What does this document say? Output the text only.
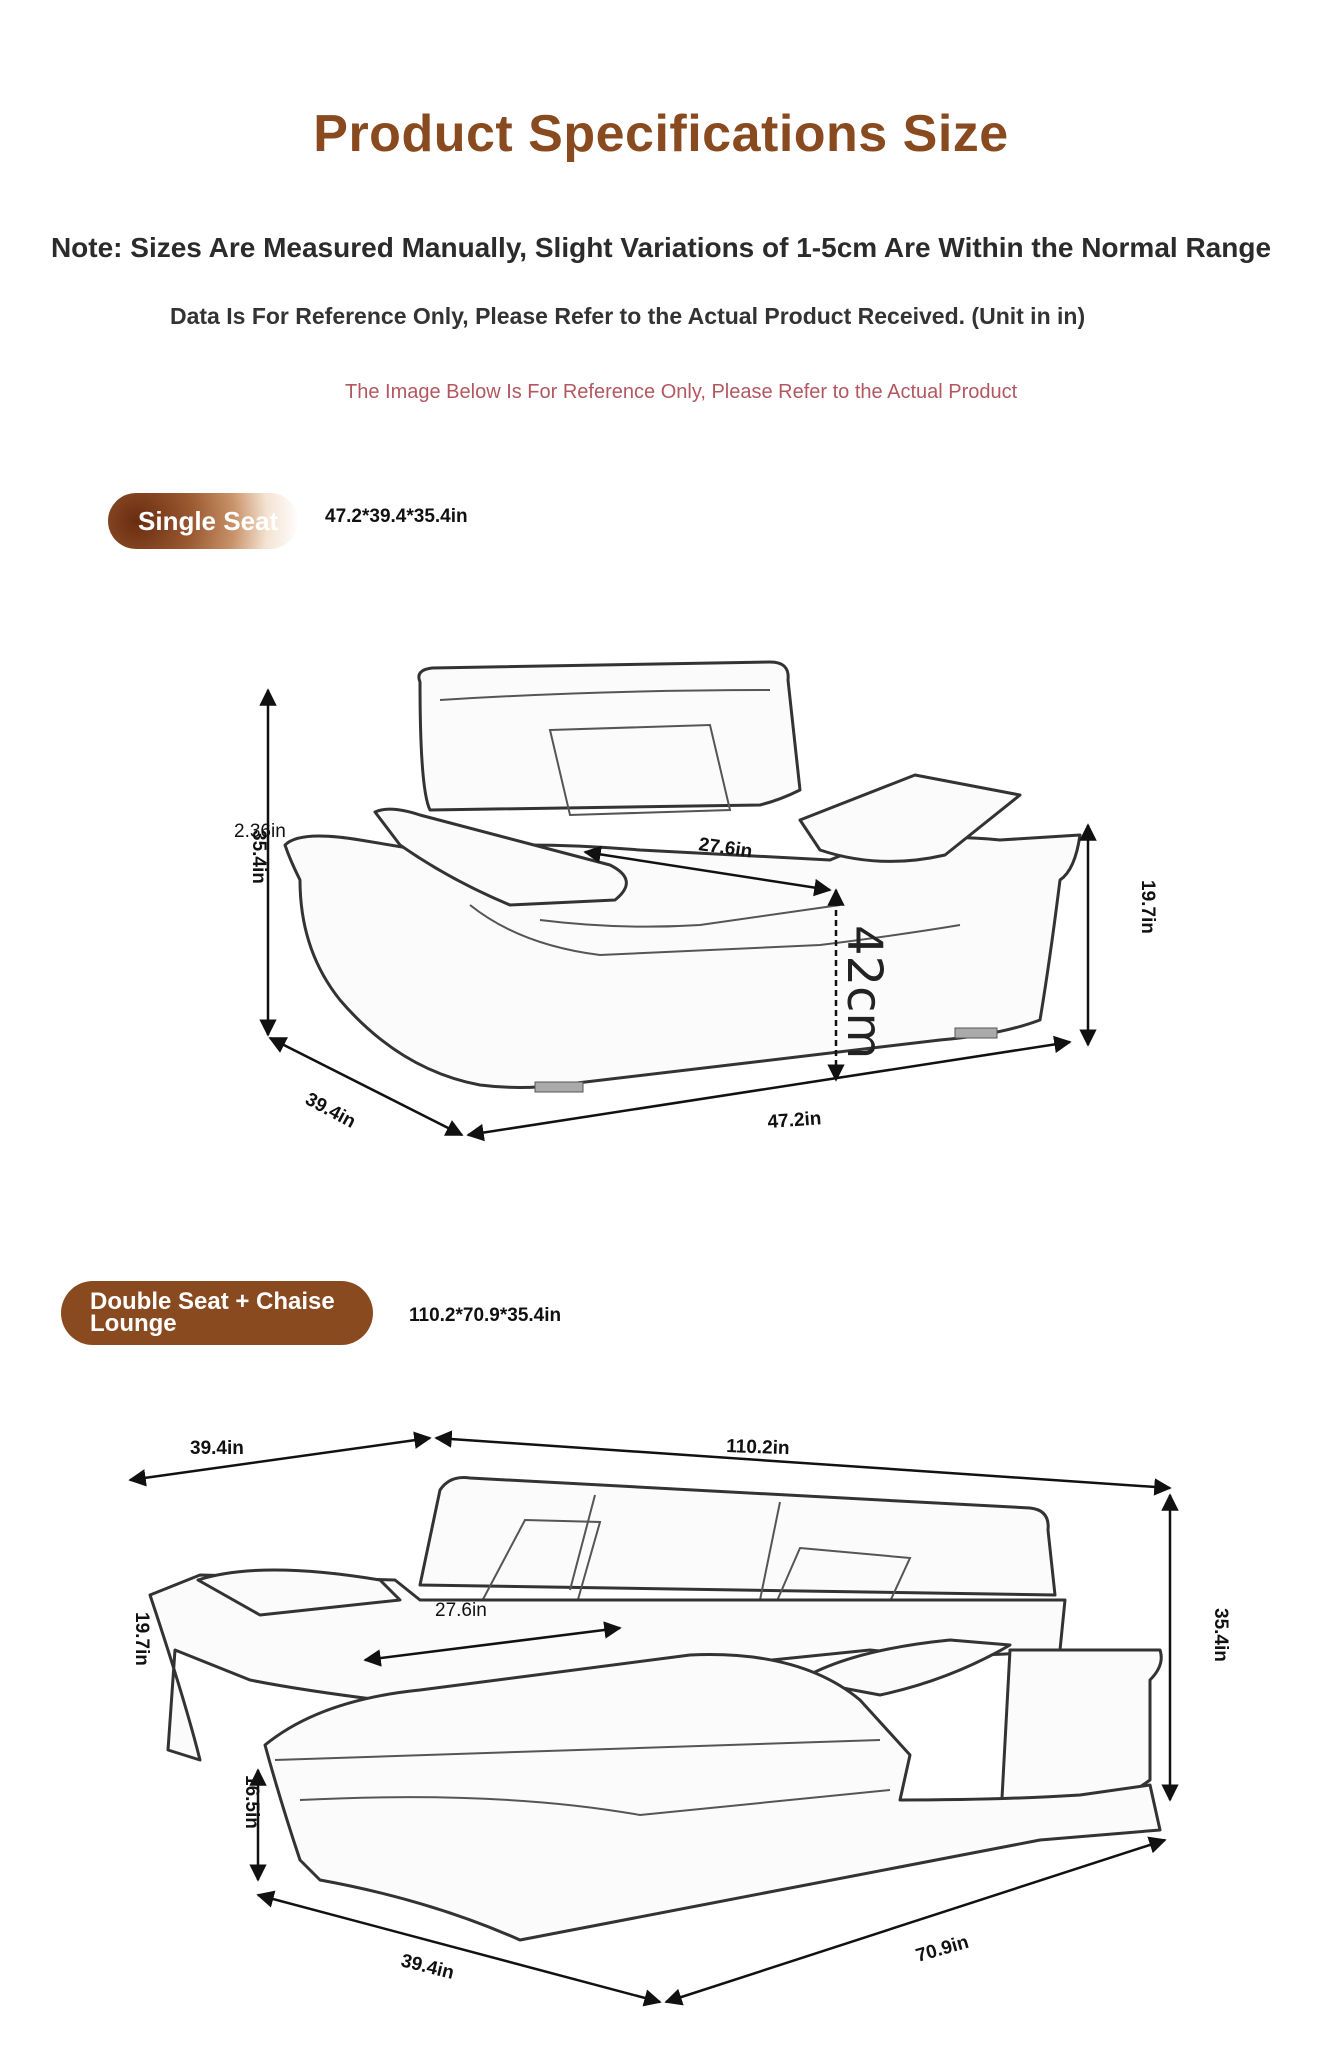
Product Specifications Size
Note: Sizes Are Measured Manually, Slight Variations of 1-5cm Are Within the Normal Range
Data Is For Reference Only, Please Refer to the Actual Product Received. (Unit in in)
The Image Below Is For Reference Only, Please Refer to the Actual Product
Single Seat 47.2*39.4*35.4in
Double Seat + Chaise Lounge	110.2*70.9*35.4in
2.36in
35.4in	27.6in
42cm
19.7in
39.4in	47.2in
39.4in	110.2in
27.6in
19.7in	35.4in
16.5in
39.4in
70.9in
